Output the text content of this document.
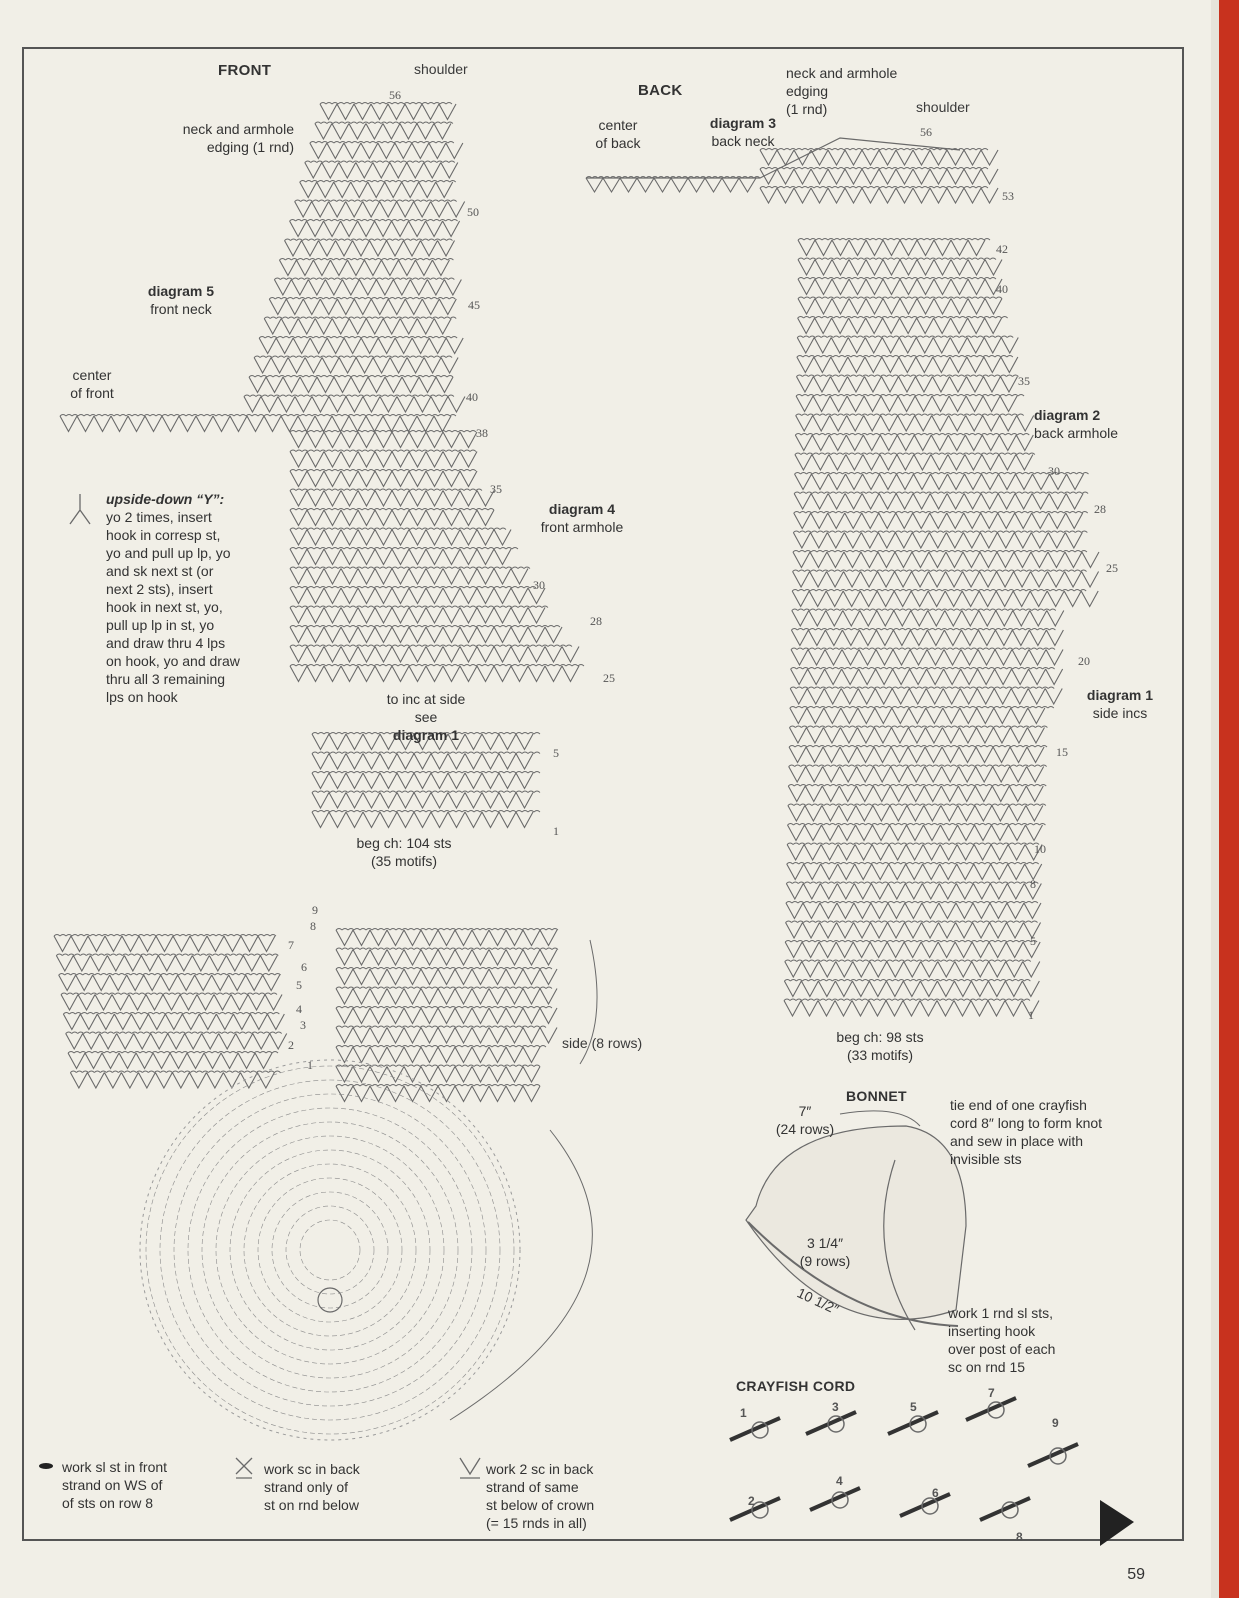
FRONT	shoulder
neck and armhole
edging (1 rnd)
diagram 5
front neck
center
of front
diagram 4
front armhole
to inc at side
see
diagram 1
beg ch: 104 sts
(35 motifs)
56
50
45
40
38
35
30
28
25
5
1
upside-down “Y”:
yo 2 times, insert
hook in corresp st,
yo and pull up lp, yo
and sk next st (or
next 2 sts), insert
hook in next st, yo,
pull up lp in st, yo
and draw thru 4 lps
on hook, yo and draw
thru all 3 remaining
lps on hook
BACK
neck and armhole
edging
(1 rnd)	shoulder
center
of back
diagram 3
back neck
diagram 2
back armhole
diagram 1
side incs
beg ch: 98 sts
(33 motifs)
56
53
42
40
35
30
28
25
20
15
10
8
5
1
9
8
7
6
5
4
3
2
1
side (8 rows)
BONNET
7″
(24 rows)
tie end of one crayfish
cord 8″ long to form knot
and sew in place with
invisible sts
3 1/4″
(9 rows)
10 1/2″	work 1 rnd sl sts,
inserting hook
over post of each
sc on rnd 15
CRAYFISH CORD
1
2
3
4
5
6
7
8
9
work sl st in front
strand on WS of
of sts on row 8
work sc in back
strand only of
st on rnd below
work 2 sc in back
strand of same
st below of crown
(= 15 rnds in all)
59
